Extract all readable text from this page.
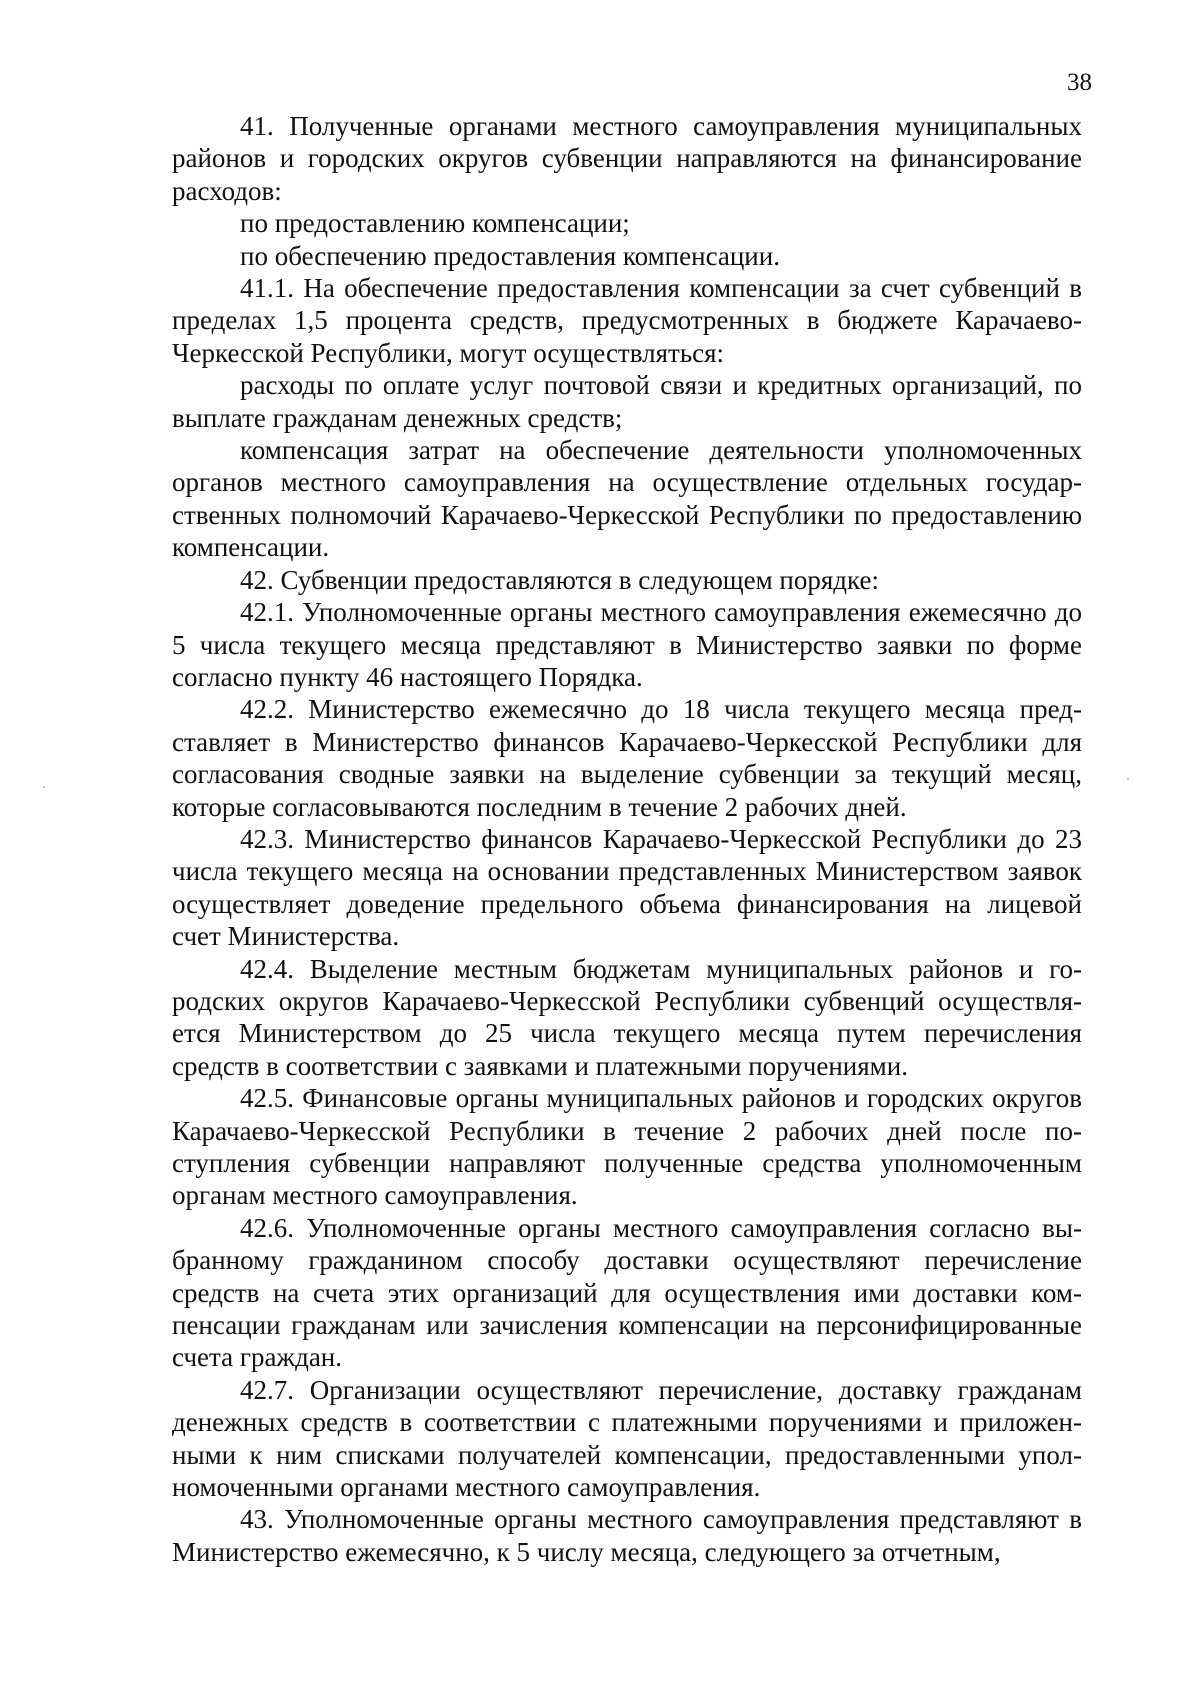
38

41. Полученные органами местного самоуправления муниципальных районов и городских округов субвенции направляются на финансирование расходов:

по предоставлению компенсации;

по обеспечению предоставления компенсации.

41.1. На обеспечение предоставления компенсации за счет субвенций в пределах 1,5 процента средств, предусмотренных в бюджете Карачаево-Черкесской Республики, могут осуществляться:

расходы по оплате услуг почтовой связи и кредитных организаций, по выплате гражданам денежных средств;

компенсация затрат на обеспечение деятельности уполномоченных органов местного самоуправления на осуществление отдельных государственных полномочий Карачаево-Черкесской Республики по предоставлению компенсации.

42. Субвенции предоставляются в следующем порядке:

42.1. Уполномоченные органы местного самоуправления ежемесячно до 5 числа текущего месяца представляют в Министерство заявки по форме согласно пункту 46 настоящего Порядка.

42.2. Министерство ежемесячно до 18 числа текущего месяца представляет в Министерство финансов Карачаево-Черкесской Республики для согласования сводные заявки на выделение субвенции за текущий месяц, которые согласовываются последним в течение 2 рабочих дней.

42.3. Министерство финансов Карачаево-Черкесской Республики до 23 числа текущего месяца на основании представленных Министерством заявок осуществляет доведение предельного объема финансирования на лицевой счет Министерства.

42.4. Выделение местным бюджетам муниципальных районов и городских округов Карачаево-Черкесской Республики субвенций осуществляется Министерством до 25 числа текущего месяца путем перечисления средств в соответствии с заявками и платежными поручениями.

42.5. Финансовые органы муниципальных районов и городских округов Карачаево-Черкесской Республики в течение 2 рабочих дней после поступления субвенции направляют полученные средства уполномоченным органам местного самоуправления.

42.6. Уполномоченные органы местного самоуправления согласно выбранному гражданином способу доставки осуществляют перечисление средств на счета этих организаций для осуществления ими доставки компенсации гражданам или зачисления компенсации на персонифицированные счета граждан.

42.7. Организации осуществляют перечисление, доставку гражданам денежных средств в соответствии с платежными поручениями и приложенными к ним списками получателей компенсации, предоставленными уполномоченными органами местного самоуправления.

43. Уполномоченные органы местного самоуправления представляют в Министерство ежемесячно, к 5 числу месяца, следующего за отчетным,
